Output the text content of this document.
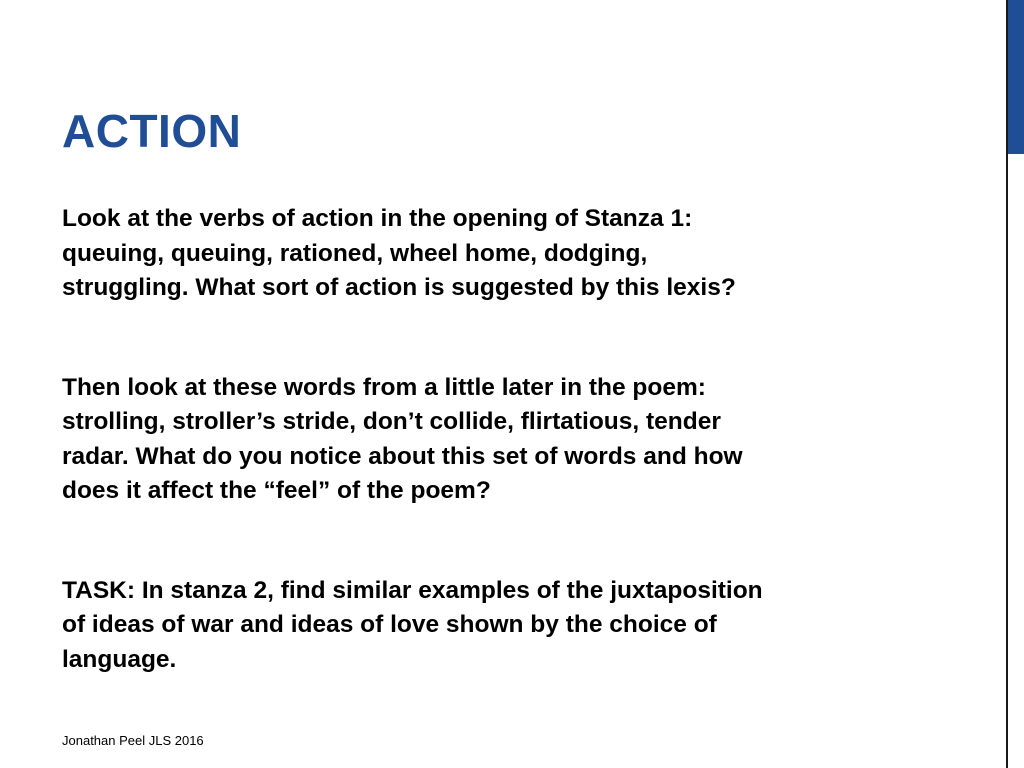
ACTION

Look at the verbs of action in the opening of Stanza 1:
queuing, queuing, rationed, wheel home, dodging,
struggling. What sort of action is suggested by this lexis?

Then look at these words from a little later in the poem:
strolling, stroller’s stride, don’t collide, flirtatious, tender
radar. What do you notice about this set of words and how
does it affect the “feel” of the poem?

TASK: In stanza 2, find similar examples of the juxtaposition
of ideas of war and ideas of love shown by the choice of
language.

Jonathan Peel JLS 2016
